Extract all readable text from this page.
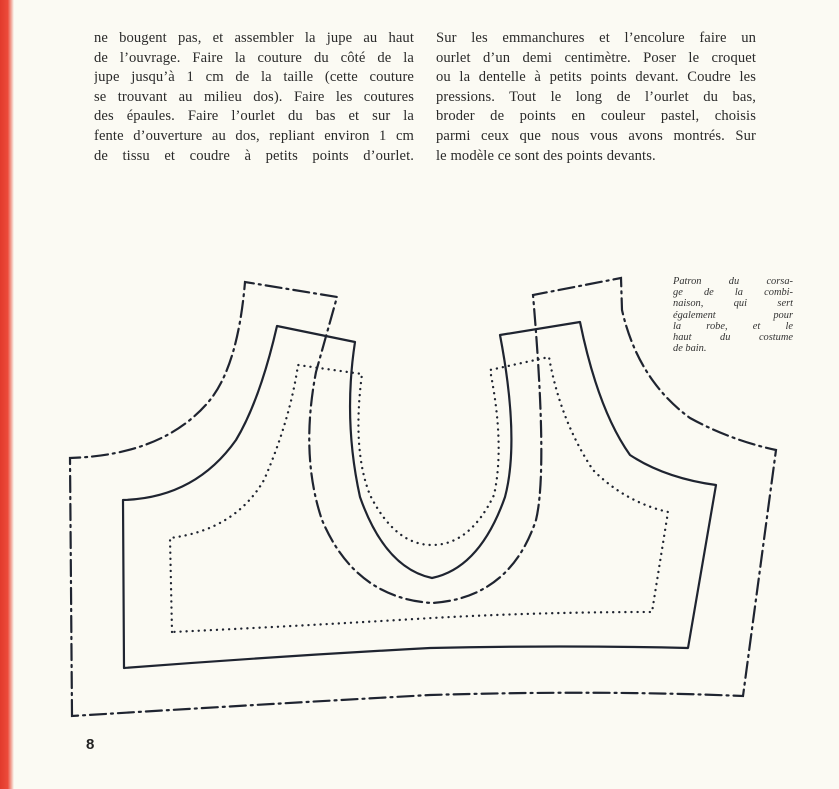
ne bougent pas, et assembler la jupe au haut
de l’ouvrage. Faire la couture du côté de la
jupe jusqu’à 1 cm de la taille (cette couture
se trouvant au milieu dos). Faire les coutures
des épaules. Faire l’ourlet du bas et sur la
fente d’ouverture au dos, repliant environ 1 cm
de tissu et coudre à petits points d’ourlet.
Sur les emmanchures et l’encolure faire un
ourlet d’un demi centimètre. Poser le croquet
ou la dentelle à petits points devant. Coudre les
pressions. Tout le long de l’ourlet du bas,
broder de points en couleur pastel, choisis
parmi ceux que nous vous avons montrés. Sur
le modèle ce sont des points devants.
Patron du corsa-
ge de la combi-
naison, qui sert
également pour
la robe, et le
haut du costume
de bain.
8
